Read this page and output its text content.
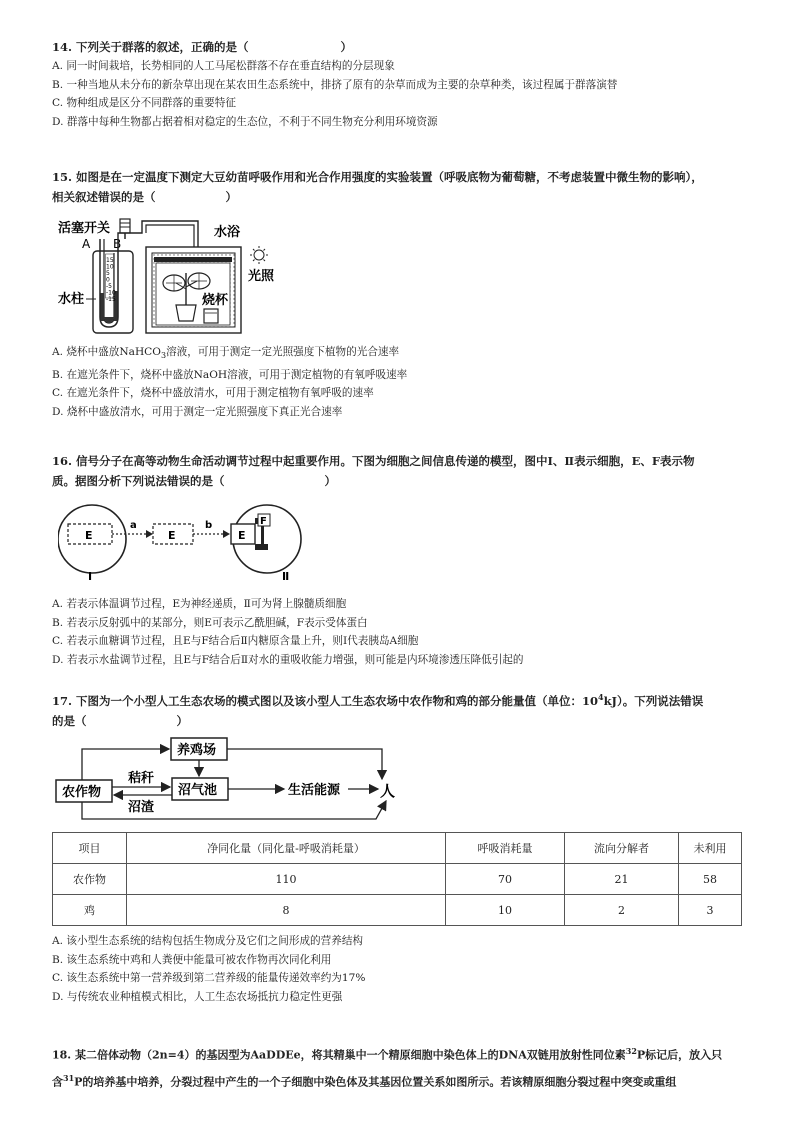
14. 下列关于群落的叙述，正确的是（	）

A. 同一时间栽培，长势相同的人工马尾松群落不存在垂直结构的分层现象

B. 一种当地从未分布的新杂草出现在某农田生态系统中，排挤了原有的杂草而成为主要的杂草种类，该过程属于群落演替

C. 物种组成是区分不同群落的重要特征

D. 群落中每种生物都占据着相对稳定的生态位，不利于不同生物充分利用环境资源

15. 如图是在一定温度下测定大豆幼苗呼吸作用和光合作用强度的实验装置（呼吸底物为葡萄糖，不考虑装置中微生物的影响），

相关叙述错误的是（	）

活塞开关
A B
水柱
15
10
5
0
-5
-10
-15
水浴
烧杯
光照

A. 烧杯中盛放NaHCO$_3$溶液，可用于测定一定光照强度下植物的光合速率

B. 在遮光条件下，烧杯中盛放NaOH溶液，可用于测定植物的有氧呼吸速率

C. 在遮光条件下，烧杯中盛放清水，可用于测定植物有氧呼吸的速率

D. 烧杯中盛放清水，可用于测定一定光照强度下真正光合速率

16. 信号分子在高等动物生命活动调节过程中起重要作用。下图为细胞之间信息传递的模型，图中Ⅰ、Ⅱ表示细胞，E、F表示物

质。据图分析下列说法错误的是（	）

E
Ⅰ
a
E
b
E
F
Ⅱ

A. 若表示体温调节过程，E为神经递质，Ⅱ可为肾上腺髓质细胞

B. 若表示反射弧中的某部分，则E可表示乙酰胆碱，F表示受体蛋白

C. 若表示血糖调节过程，且E与F结合后Ⅱ内糖原含量上升，则Ⅰ代表胰岛A细胞

D. 若表示水盐调节过程，且E与F结合后Ⅱ对水的重吸收能力增强，则可能是内环境渗透压降低引起的

17. 下图为一个小型人工生态农场的模式图以及该小型人工生态农场中农作物和鸡的部分能量值（单位：$10^4kJ$）。下列说法错误

的是（	）

农作物
养鸡场
沼气池	生活能源	人
秸秆
沼渣
项目	净同化量（同化量-呼吸消耗量）	呼吸消耗量	流向分解者	未利用
农作物	110	70	21	58
鸡	8	10	2	3

A. 该小型生态系统的结构包括生物成分及它们之间形成的营养结构

B. 该生态系统中鸡和人粪便中能量可被农作物再次同化利用

C. 该生态系统中第一营养级到第二营养级的能量传递效率约为17%

D. 与传统农业种植模式相比，人工生态农场抵抗力稳定性更强

18. 某二倍体动物（2n=4）的基因型为AaDDEe，将其精巢中一个精原细胞中染色体上的DNA双链用放射性同位素$^{32}$P标记后，放入只

含$^{31}$P的培养基中培养，分裂过程中产生的一个子细胞中染色体及其基因位置关系如图所示。若该精原细胞分裂过程中突变或重组
